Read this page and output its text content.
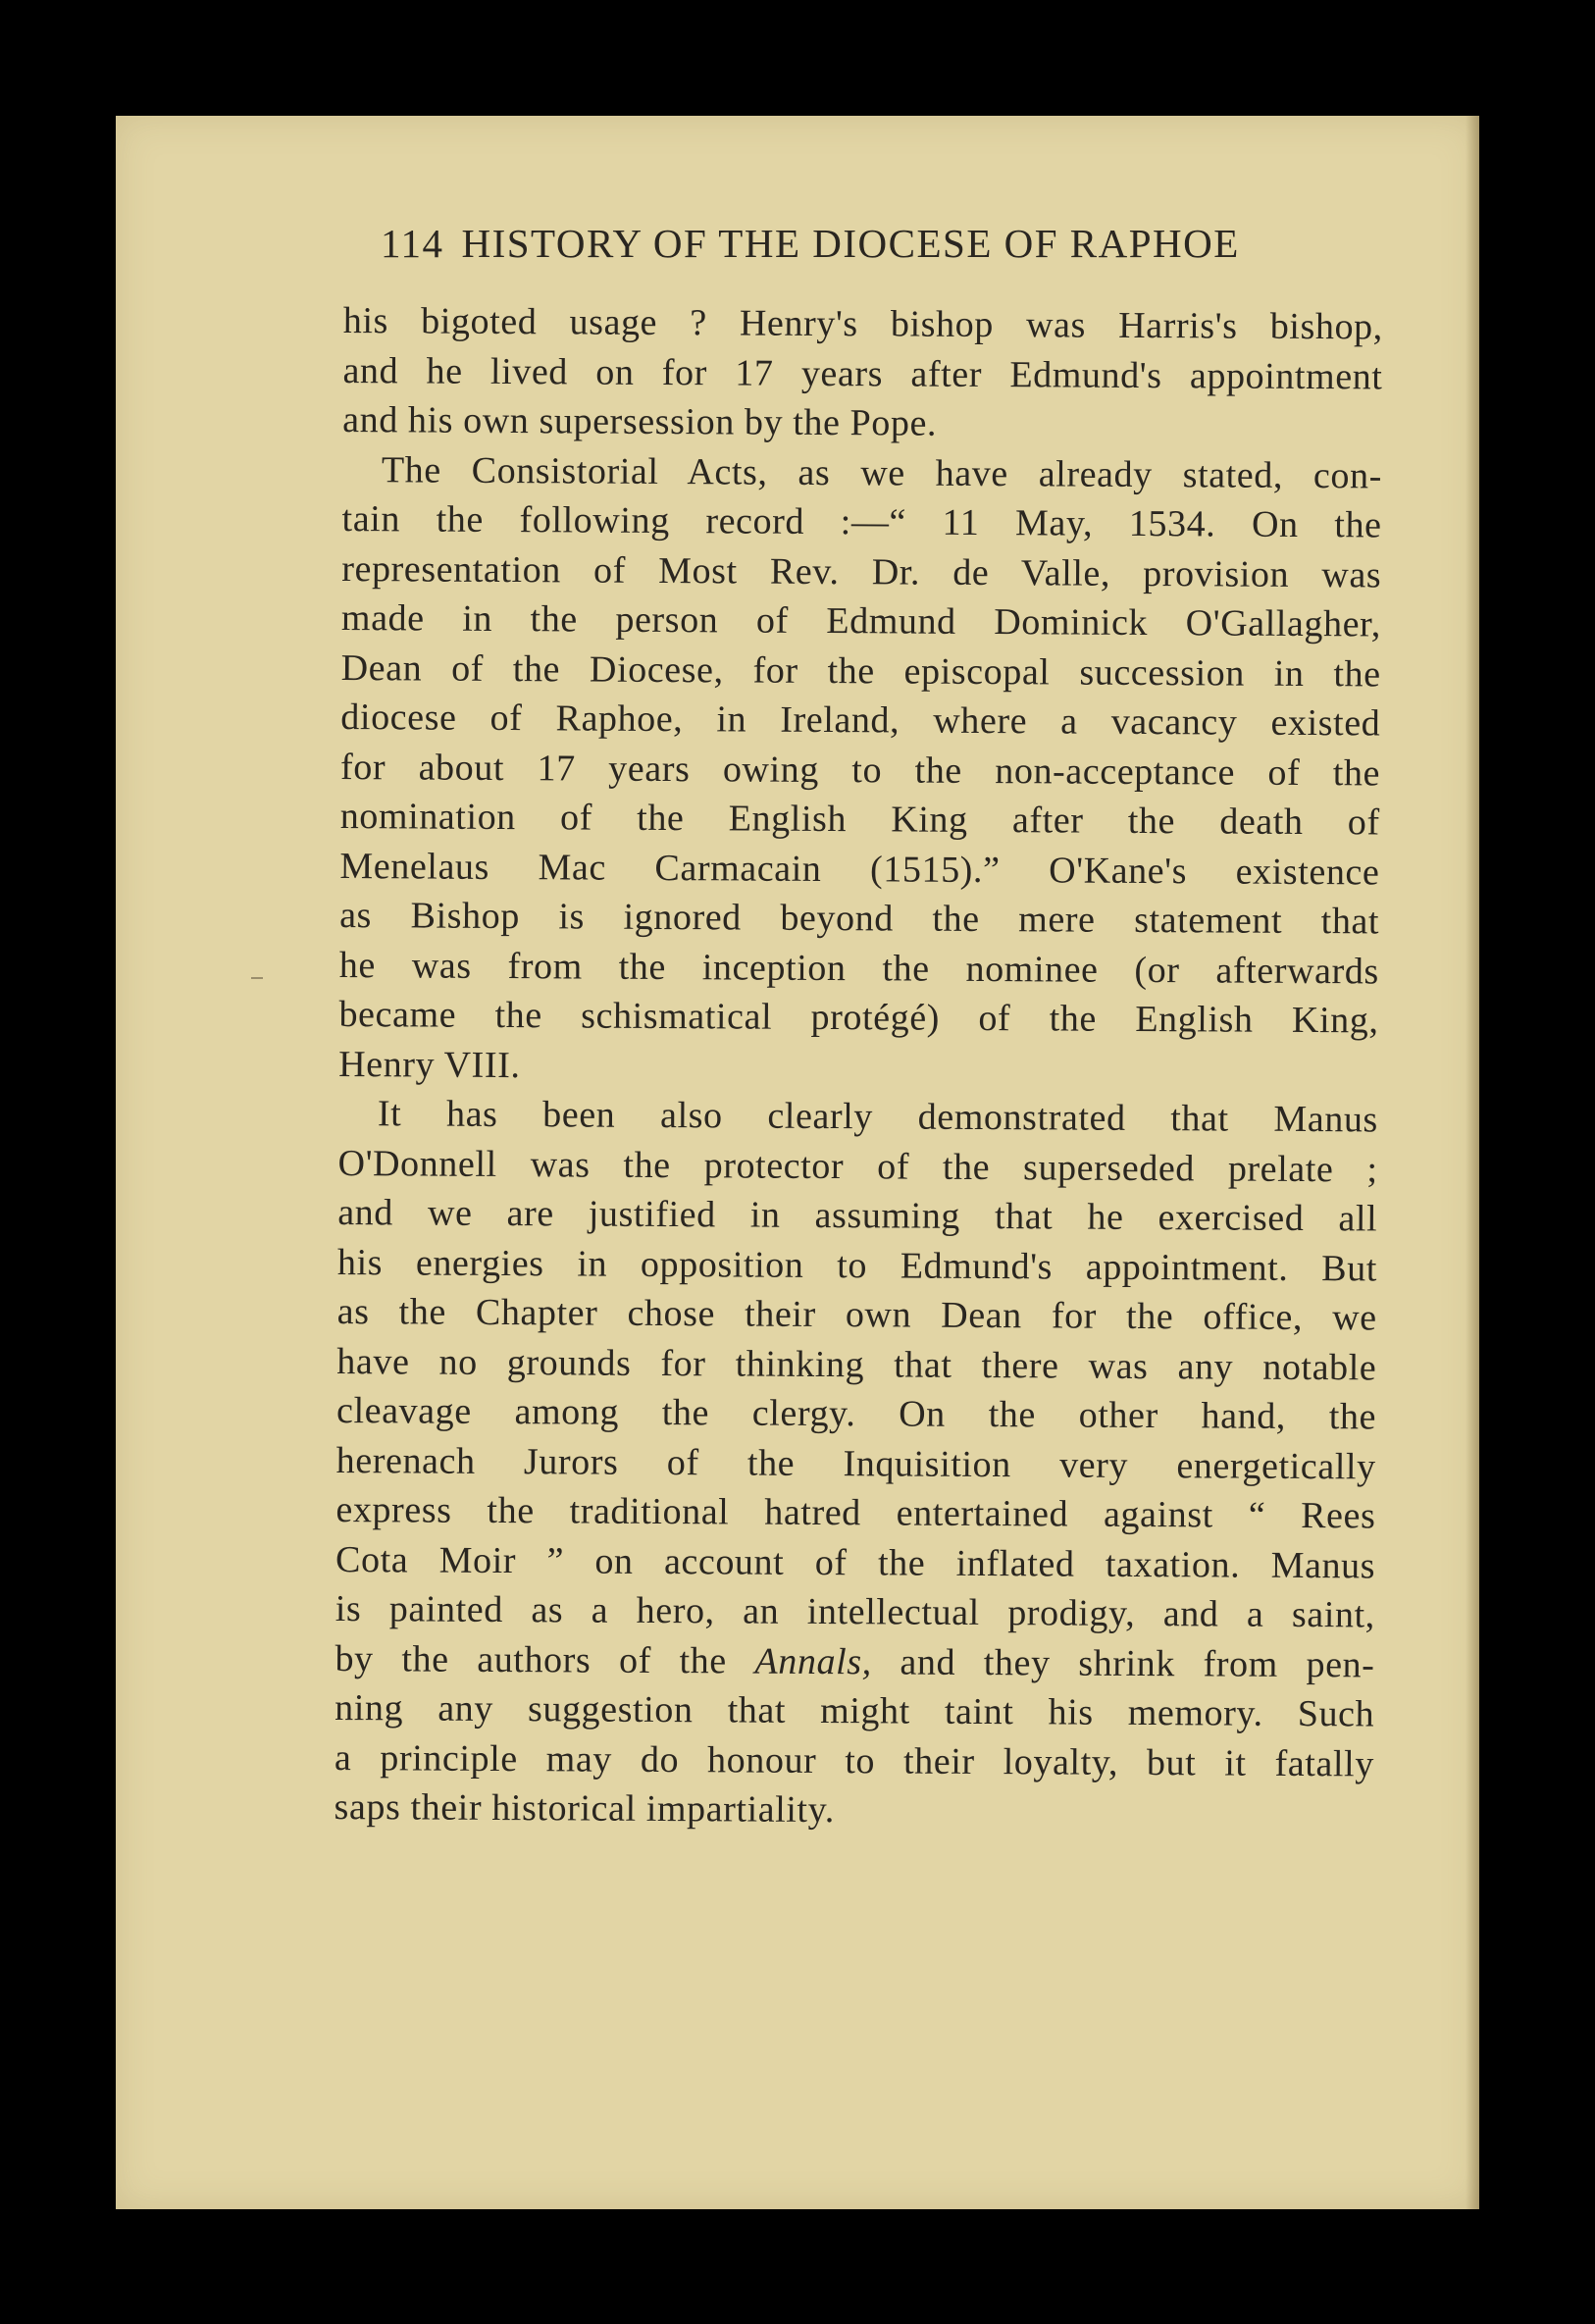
114 HISTORY OF THE DIOCESE OF RAPHOE
his bigoted usage ? Henry's bishop was Harris's bishop,
and he lived on for 17 years after Edmund's appointment
and his own supersession by the Pope.
The Consistorial Acts, as we have already stated, con-
tain the following record :—“ 11 May, 1534. On the
representation of Most Rev. Dr. de Valle, provision was
made in the person of Edmund Dominick O'Gallagher,
Dean of the Diocese, for the episcopal succession in the
diocese of Raphoe, in Ireland, where a vacancy existed
for about 17 years owing to the non-acceptance of the
nomination of the English King after the death of
Menelaus Mac Carmacain (1515).” O'Kane's existence
as Bishop is ignored beyond the mere statement that
he was from the inception the nominee (or afterwards
became the schismatical protégé) of the English King,
Henry VIII.
It has been also clearly demonstrated that Manus
O'Donnell was the protector of the superseded prelate ;
and we are justified in assuming that he exercised all
his energies in opposition to Edmund's appointment. But
as the Chapter chose their own Dean for the office, we
have no grounds for thinking that there was any notable
cleavage among the clergy. On the other hand, the
herenach Jurors of the Inquisition very energetically
express the traditional hatred entertained against “ Rees
Cota Moir ” on account of the inflated taxation. Manus
is painted as a hero, an intellectual prodigy, and a saint,
by the authors of the Annals, and they shrink from pen-
ning any suggestion that might taint his memory. Such
a principle may do honour to their loyalty, but it fatally
saps their historical impartiality.
